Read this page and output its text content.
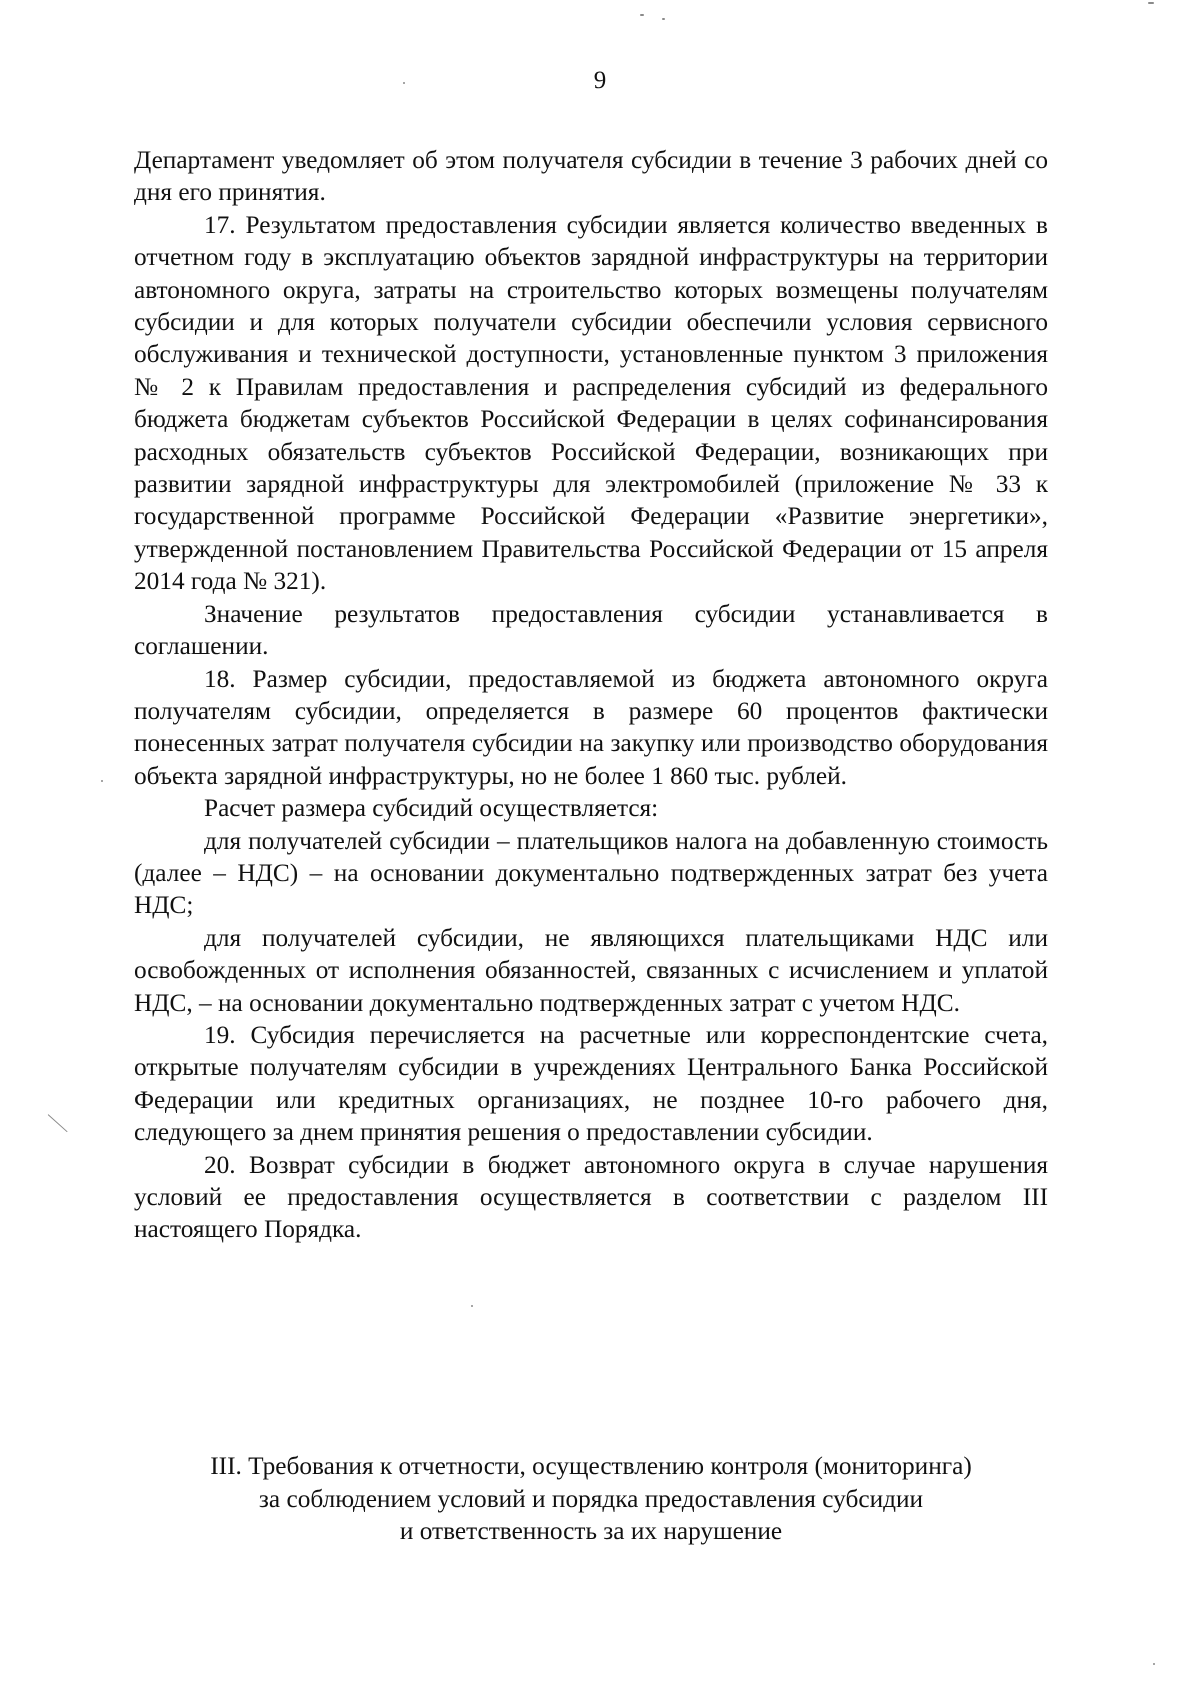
9

Департамент уведомляет об этом получателя субсидии в течение 3 рабочих дней со дня его принятия.

17. Результатом предоставления субсидии является количество введенных в отчетном году в эксплуатацию объектов зарядной инфраструктуры на территории автономного округа, затраты на строительство которых возмещены получателям субсидии и для которых получатели субсидии обеспечили условия сервисного обслуживания и технической доступности, установленные пунктом 3 приложения № 2 к Правилам предоставления и распределения субсидий из федерального бюджета бюджетам субъектов Российской Федерации в целях софинансирования расходных обязательств субъектов Российской Федерации, возникающих при развитии зарядной инфраструктуры для электромобилей (приложение № 33 к государственной программе Российской Федерации «Развитие энергетики», утвержденной постановлением Правительства Российской Федерации от 15 апреля 2014 года № 321).

Значение результатов предоставления субсидии устанавливается в соглашении.

18. Размер субсидии, предоставляемой из бюджета автономного округа получателям субсидии, определяется в размере 60 процентов фактически понесенных затрат получателя субсидии на закупку или производство оборудования объекта зарядной инфраструктуры, но не более 1 860 тыс. рублей.

Расчет размера субсидий осуществляется:

для получателей субсидии – плательщиков налога на добавленную стоимость (далее – НДС) – на основании документально подтвержденных затрат без учета НДС;

для получателей субсидии, не являющихся плательщиками НДС или освобожденных от исполнения обязанностей, связанных с исчислением и уплатой НДС, – на основании документально подтвержденных затрат с учетом НДС.

19. Субсидия перечисляется на расчетные или корреспондентские счета, открытые получателям субсидии в учреждениях Центрального Банка Российской Федерации или кредитных организациях, не позднее 10-го рабочего дня, следующего за днем принятия решения о предоставлении субсидии.

20. Возврат субсидии в бюджет автономного округа в случае нарушения условий ее предоставления осуществляется в соответствии с разделом III настоящего Порядка.

III. Требования к отчетности, осуществлению контроля (мониторинга)
за соблюдением условий и порядка предоставления субсидии
и ответственность за их нарушение
